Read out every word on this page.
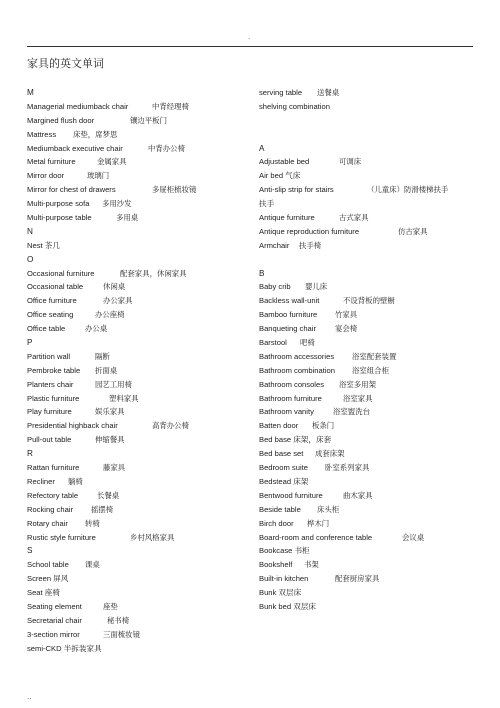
.
家具的英文单词
M
Managerial mediumback chair	中背经理椅
Margined flush door	镶边平板门
Mattress 床垫，席梦思
Mediumback executive chair	中背办公椅
Metal furniture	金属家具
Mirror door	玻璃门
Mirror for chest of drawers	多屉柜梳妆镜
Multi-purpose sofa 多用沙发
Multi-purpose table	多用桌
N
Nest 茶几
O
Occasional furniture	配套家具，休闲家具
Occasional table	休闲桌
Office furniture	办公家具
Office seating	办公座椅
Office table	办公桌
P
Partition wall	隔断
Pembroke table 折面桌
Planters chair	园艺工用椅
Plastic furniture	塑料家具
Play furniture	娱乐家具
Presidential highback chair	高背办公椅
Pull-out table	伸缩餐具
R
Rattan furniture	藤家具
Recliner 躺椅
Refectory table	长餐桌
Rocking chair 摇摆椅
Rotary chair 转椅
Rustic style furniture	乡村风格家具
S
School table 课桌
Screen 屏风
Seat 座椅
Seating element	座垫
Secretarial chair	秘书椅
3-section mirror	三面梳妆镜
semi-CKD 半拆装家具
serving table 送餐桌
shelving combination
A
Adjustable bed	可调床
Air bed 气床
Anti-slip strip for stairs	（儿童床）防滑楼梯扶手
扶手
Antique furniture	古式家具
Antique reproduction furniture	仿古家具
Armchair 扶手椅
B
Baby crib 婴儿床
Backless wall-unit	不设背板的壁橱
Bamboo furniture 竹家具
Banqueting chair	宴会椅
Barstool 吧椅
Bathroom accessories 浴室配套装置
Bathroom combination 浴室组合柜
Bathroom consoles 浴室多用架
Bathroom furniture	浴室家具
Bathroom vanity	浴室盥洗台
Batten door 板条门
Bed base 床架，床套
Bed base set 成套床架
Bedroom suite 卧室系列家具
Bedstead 床架
Bentwood furniture	曲木家具
Beside table 床头柜
Birch door 桦木门
Board-room and conference table	会议桌
Bookcase 书柜
Bookshelf 书架
Built-in kitchen	配套厨房家具
Bunk 双层床
Bunk bed 双层床
..
